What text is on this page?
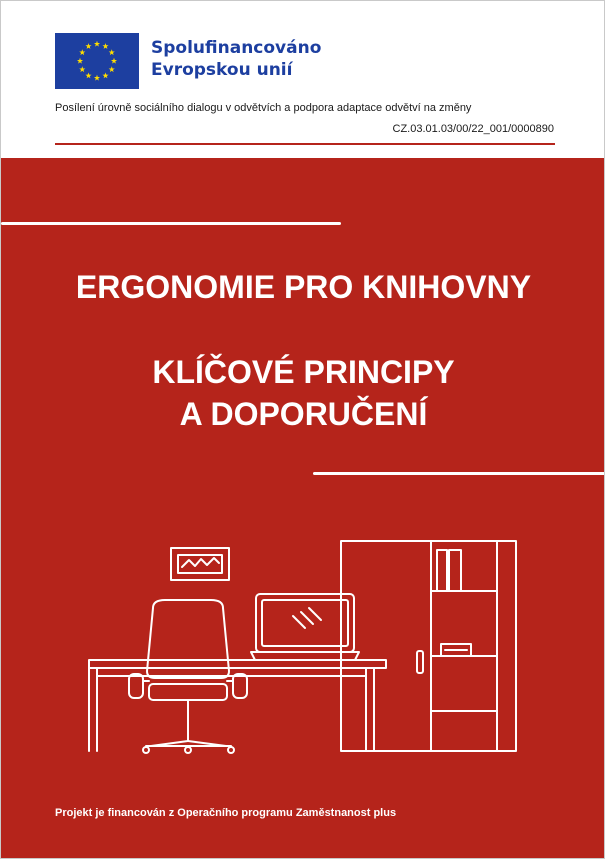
Spolufinancováno
Evropskou unií
Posílení úrovně sociálního dialogu v odvětvích a podpora adaptace odvětví na změny
CZ.03.01.03/00/22_001/0000890
ERGONOMIE PRO KNIHOVNY
KLÍČOVÉ PRINCIPY
A DOPORUČENÍ
Projekt je financován z Operačního programu Zaměstnanost plus
